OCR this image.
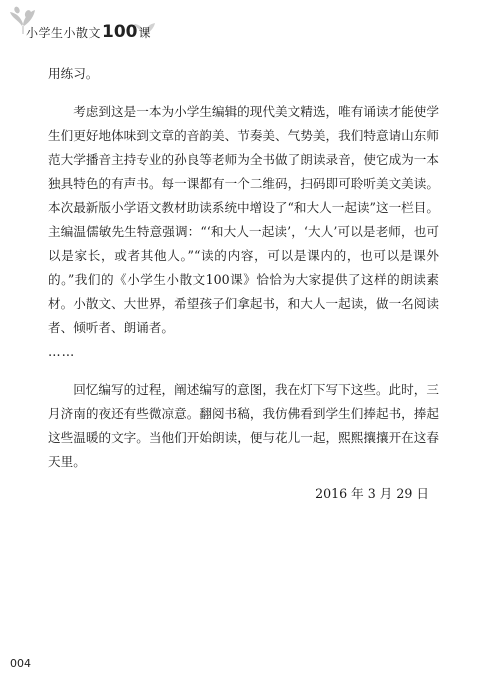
小学生小散文100课

用练习。

考虑到这是一本为小学生编辑的现代美文精选，唯有诵读才能使学生们更好地体味到文章的音韵美、节奏美、气势美，我们特意请山东师范大学播音主持专业的孙良等老师为全书做了朗读录音，使它成为一本独具特色的有声书。每一课都有一个二维码，扫码即可聆听美文美读。本次最新版小学语文教材助读系统中增设了“和大人一起读”这一栏目。主编温儒敏先生特意强调：“‘和大人一起读’，‘大人’可以是老师，也可以是家长，或者其他人。”“读的内容，可以是课内的，也可以是课外的。”我们的《小学生小散文100课》恰恰为大家提供了这样的朗读素材。小散文、大世界，希望孩子们拿起书，和大人一起读，做一名阅读者、倾听者、朗诵者。

……

回忆编写的过程，阐述编写的意图，我在灯下写下这些。此时，三月济南的夜还有些微凉意。翻阅书稿，我仿佛看到学生们捧起书，捧起这些温暖的文字。当他们开始朗读，便与花儿一起，熙熙攘攘开在这春天里。

2016 年 3 月 29 日
004
